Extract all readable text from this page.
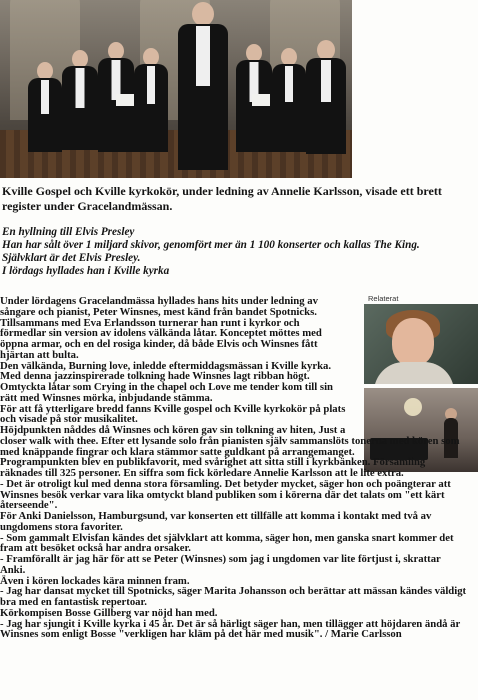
Kville Gospel och Kville kyrkokör, under ledning av Annelie Karlsson, visade ett brett register under Gracelandmässan.

En hyllning till Elvis Presley

Han har sålt över 1 miljard skivor, genomfört mer än 1 100 konserter och kallas The King.

Självklart är det Elvis Presley.

I lördags hyllades han i Kville kyrka

Relaterat

Under lördagens Gracelandmässa hyllades hans hits under ledning av

sångare och pianist, Peter Winsnes, mest känd från bandet Spotnicks.

Tillsammans med Eva Erlandsson turnerar han runt i kyrkor och

förmedlar sin version av idolens välkända låtar. Konceptet möttes med

öppna armar, och en del rosiga kinder, då både Elvis och Winsnes fått

hjärtan att bulta.

Den välkända, Burning love, inledde eftermiddagsmässan i Kville kyrka.

Med denna jazzinspirerade tolkning hade Winsnes lagt ribban högt.

Omtyckta låtar som Crying in the chapel och Love me tender kom till sin

rätt med Winsnes mörka, inbjudande stämma.

För att få ytterligare bredd fanns Kville gospel och Kville kyrkokör på plats

och visade på stor musikalitet.

Höjdpunkten nåddes då Winsnes och kören gav sin tolkning av hiten, Just a

closer walk with thee. Efter ett lysande solo från pianisten själv sammanslöts tonerna med kören som

med knäppande fingrar och klara stämmor satte guldkant på arrangemanget.

Programpunkten blev en publikfavorit, med svårighet att sitta still i kyrkbänken. Församling

räknades till 325 personer. En siffra som fick körledare Annelie Karlsson att le lite extra.

- Det är otroligt kul med denna stora församling. Det betyder mycket, säger hon och poängterar att

Winsnes besök verkar vara lika omtyckt bland publiken som i körerna där det talats om "ett kärt

återseende".

För Anki Danielsson, Hamburgsund, var konserten ett tillfälle att komma i kontakt med två av

ungdomens stora favoriter.

- Som gammalt Elvisfan kändes det självklart att komma, säger hon, men ganska snart kommer det

fram att besöket också har andra orsaker.

- Framförallt är jag här för att se Peter (Winsnes) som jag i ungdomen var lite förtjust i, skrattar

Anki.

Även i kören lockades kära minnen fram.

- Jag har dansat mycket till Spotnicks, säger Marita Johansson och berättar att mässan kändes väldigt

bra med en fantastisk repertoar.

Körkompisen Bosse Gillberg var nöjd han med.

- Jag har sjungit i Kville kyrka i 45 år. Det är så härligt säger han, men tillägger att höjdaren ändå är

Winsnes som enligt Bosse "verkligen har kläm på det här med musik". / Marie Carlsson
